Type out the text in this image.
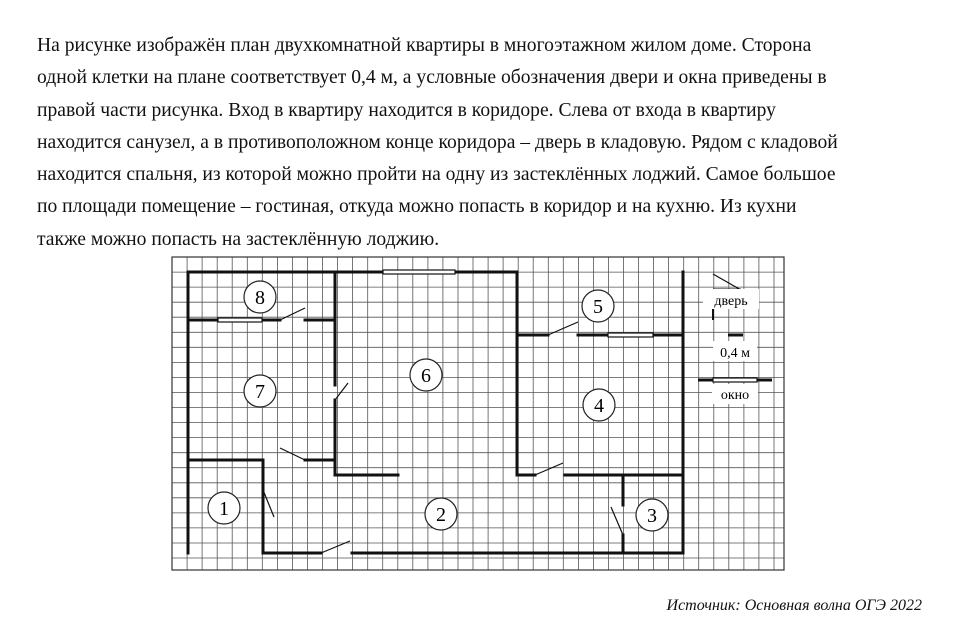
На рисунке изображён план двухкомнатной квартиры в многоэтажном жилом доме. Сторона
одной клетки на плане соответствует 0,4 м, а условные обозначения двери и окна приведены в
правой части рисунка. Вход в квартиру находится в коридоре. Слева от входа в квартиру
находится санузел, а в противоположном конце коридора – дверь в кладовую. Рядом с кладовой
находится спальня, из которой можно пройти на одну из застеклённых лоджий. Самое большое
по площади помещение – гостиная, откуда можно попасть в коридор и на кухню. Из кухни
также можно попасть на застеклённую лоджию.
1	2	3
4
5
6
7
8	дверь
0,4 м
окно
Источник: Основная волна ОГЭ 2022
